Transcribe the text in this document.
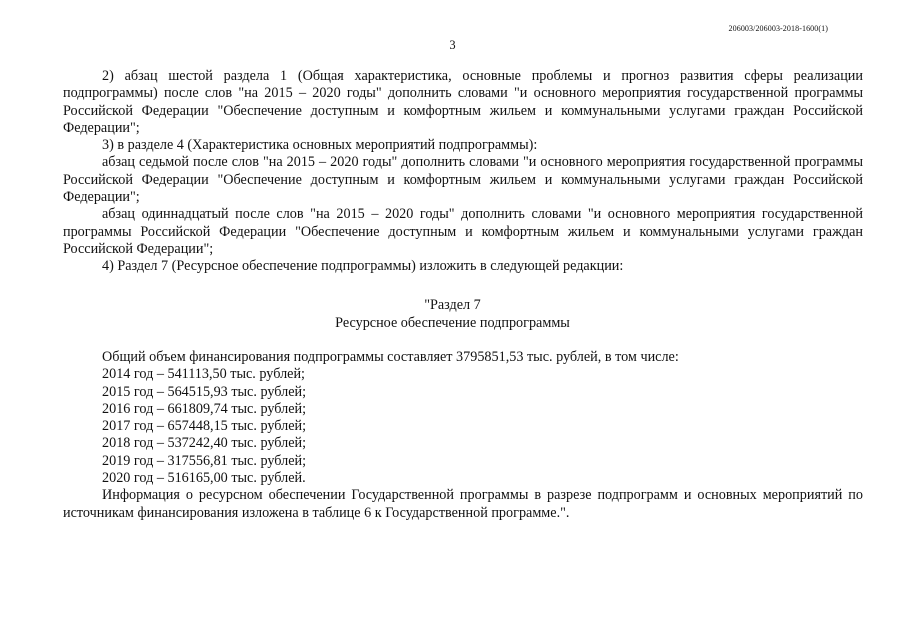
206003/206003-2018-1600(1)
3

2) абзац шестой раздела 1 (Общая характеристика, основные проблемы и прогноз развития сферы реализации подпрограммы) после слов "на 2015 – 2020 годы" дополнить словами "и основного мероприятия государственной программы Российской Федерации "Обеспечение доступным и комфортным жильем и коммунальными услугами граждан Российской Федерации";

3) в разделе 4 (Характеристика основных мероприятий подпрограммы):

абзац седьмой после слов "на 2015 – 2020 годы" дополнить словами "и основного мероприятия государственной программы Российской Федерации "Обеспечение доступным и комфортным жильем и коммунальными услугами граждан Российской Федерации";

абзац одиннадцатый после слов "на 2015 – 2020 годы" дополнить словами "и основного мероприятия государственной программы Российской Федерации "Обеспечение доступным и комфортным жильем и коммунальными услугами граждан Российской Федерации";

4) Раздел 7 (Ресурсное обеспечение подпрограммы) изложить в следующей редакции:

"Раздел 7
Ресурсное обеспечение подпрограммы

Общий объем финансирования подпрограммы составляет 3795851,53 тыс. рублей, в том числе:

2014 год – 541113,50 тыс. рублей;

2015 год – 564515,93 тыс. рублей;

2016 год – 661809,74 тыс. рублей;

2017 год – 657448,15 тыс. рублей;

2018 год – 537242,40 тыс. рублей;

2019 год – 317556,81 тыс. рублей;

2020 год – 516165,00 тыс. рублей.

Информация о ресурсном обеспечении Государственной программы в разрезе подпрограмм и основных мероприятий по источникам финансирования изложена в таблице 6 к Государственной программе.".
